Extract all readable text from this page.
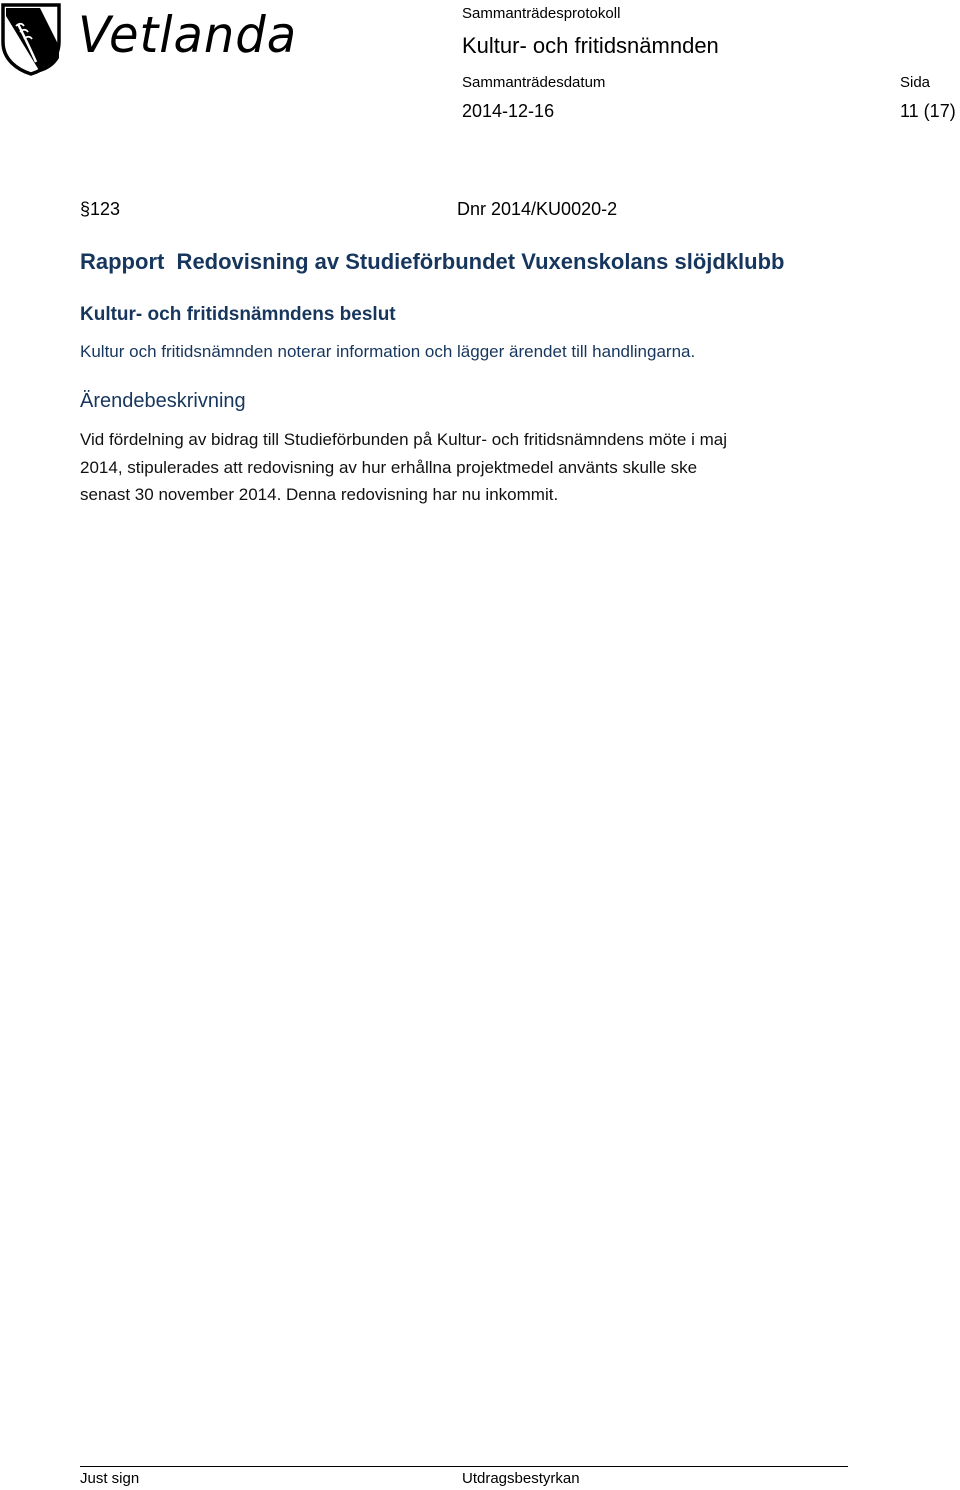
Vetlanda	Sammanträdesprotokoll
Kultur- och fritidsnämnden
Sammanträdesdatum
2014-12-16
Sida
11 (17)
§123	Dnr 2014/KU0020-2
Rapport  Redovisning av Studieförbundet Vuxenskolans slöjdklubb
Kultur- och fritidsnämndens beslut
Kultur och fritidsnämnden noterar information och lägger ärendet till handlingarna.
Ärendebeskrivning
Vid fördelning av bidrag till Studieförbunden på Kultur- och fritidsnämndens möte i maj
2014, stipulerades att redovisning av hur erhållna projektmedel använts skulle ske
senast 30 november 2014. Denna redovisning har nu inkommit.
Just sign	Utdragsbestyrkan
